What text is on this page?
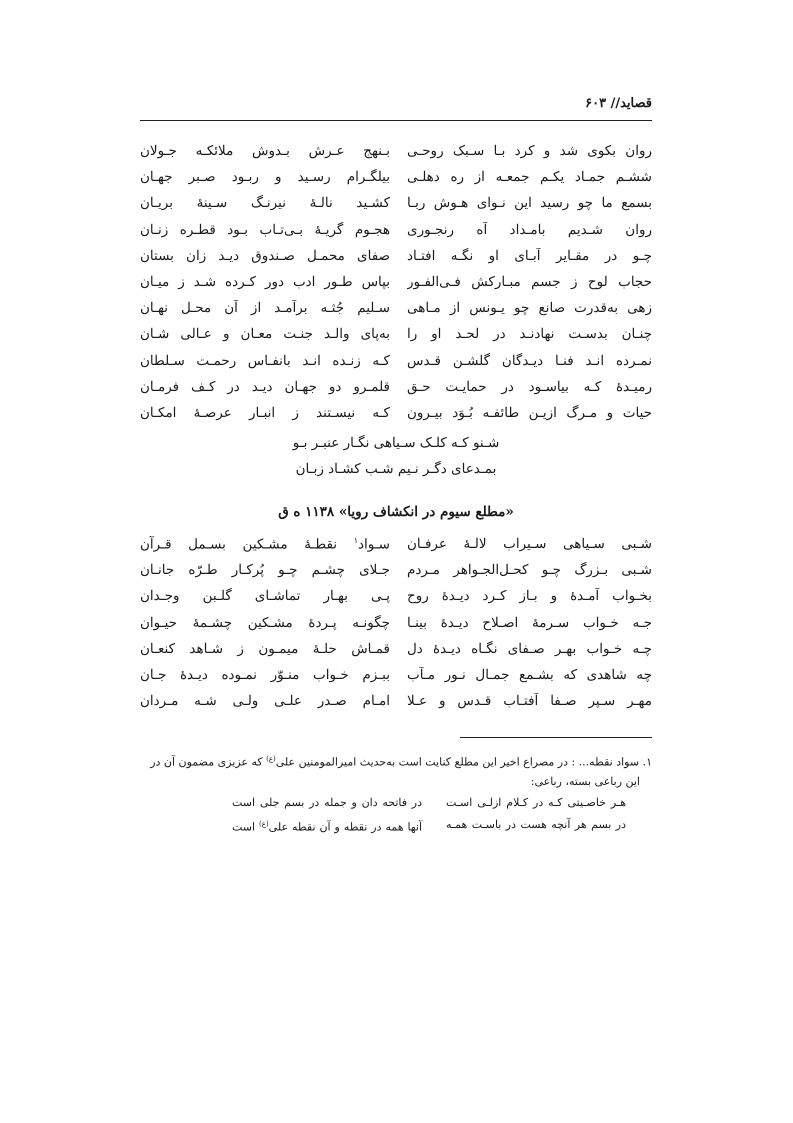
قصاید// ۶۰۳
روان بکوی شد و کرد بـا سـبک روحـی
بـنهج عـرش بـدوش ملائکـه جـولان
ششـم جمـاد یکـم جمعـه از ره دهلـی
بیلگـرام رسـید و ربـود صـبر جهـان
بسمع ما چو رسید این نـوای هـوش ربـا
کشـید نالـۀ نیرنـگ سـینۀ بریـان
روان شـدیم بامـداد آه رنجـوری
هجـوم گریـۀ بـی‌تـاب بـود قطـره زنـان
چـو در مقـایر آبـای او نگـه افتـاد
صفای محمـل صـندوق دیـد زان بستان
حجاب لوح ز جسم مبـارکش فـی‌الفـور
بپاس طـور ادب دور کـرده شـد ز میـان
زهی به‌قدرت صانع چو یـونس از مـاهی
سـلیم جُثـه برآمـد از آن محـل نهـان
چنـان بدسـت نهادنـد در لحـد او را
به‌پای والـد جنـت معـان و عـالی شـان
نمـرده انـد فنـا دیـدگان گلشـن قـدس
کـه زنـده انـد بانفـاس رحمـت سـلطان
رمیـدۀ کـه بیاسـود در حمایـت حـق
قلمـرو دو جهـان دیـد در کـف فرمـان
حیات و مـرگ ازیـن طائفـه بُـوَد بیـرون
کـه نیسـتند ز انبـار عرصـۀ امکـان
شـنو کـه کلـک سـیاهی نگـار عنبـر بـو
بمـدعای دگـر نـیم شـب کشـاد زبـان
«مطلع سیوم در انکشاف رویا» ۱۱۳۸ ه ق
شـبی سـیاهی سـیراب لالـۀ عرفـان
سـواد$^۱$ نقطـۀ مشـکین بسـمل قـرآن
شـبی بـزرگ چـو کحـل‌الجـواهر مـردم
جـلای چشـم چـو پُرکـار طـرّه جانـان
بخـواب آمـدۀ و بـاز کـرد دیـدۀ روح
پـی بهـار تماشـای گلـبن وجـدان
جـه خـواب سـرمۀ اصـلاح دیـدۀ بینـا
چگونـه پـردۀ مشـکین چشـمۀ حیـوان
چـه خـواب بهـر صـفای نگـاه دیـدۀ دل
قمـاش حلـۀ میمـون ز شـاهد کنعـان
چه شاهدی که بشـمع جمـال نـور مـآب
ببـزم خـواب منـوّر نمـوده دیـدۀ جـان
مهـر سـپر صـفا آفتـاب قـدس و عـلا
امـام صـدر علـی ولـی شـه مـردان
۱. سواد نقطه... : در مصراع اخیر این مطلع کنایت است به‌حدیث امیرالمومنین علی$^{(ع)}$ که عزیزی مضمون آن در
این رباعی بسته، رباعی:
هـر خاصـیتی کـه در کـلام ازلـی اسـت
در فاتحه دان و جمله در بسم جلی است
در بسم هر آنچه هست در باسـت همـه
آنها همه در نقطه و آن نقطه علی$^{(ع)}$ است
